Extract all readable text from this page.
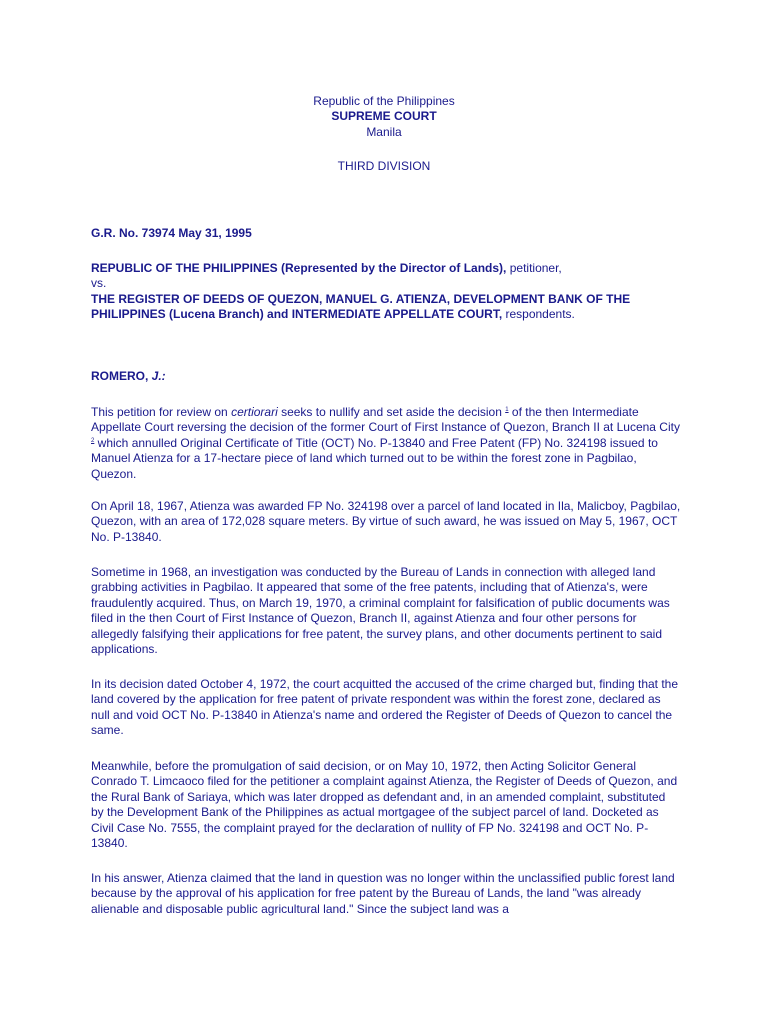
Republic of the Philippines
SUPREME COURT
Manila
THIRD DIVISION
G.R. No. 73974 May 31, 1995
REPUBLIC OF THE PHILIPPINES (Represented by the Director of Lands), petitioner,
vs.
THE REGISTER OF DEEDS OF QUEZON, MANUEL G. ATIENZA, DEVELOPMENT BANK OF THE PHILIPPINES (Lucena Branch) and INTERMEDIATE APPELLATE COURT, respondents.
ROMERO, J.:

This petition for review on certiorari seeks to nullify and set aside the decision $^1$ of the then Intermediate Appellate Court reversing the decision of the former Court of First Instance of Quezon, Branch II at Lucena City $^2$ which annulled Original Certificate of Title (OCT) No. P-13840 and Free Patent (FP) No. 324198 issued to Manuel Atienza for a 17-hectare piece of land which turned out to be within the forest zone in Pagbilao, Quezon.

On April 18, 1967, Atienza was awarded FP No. 324198 over a parcel of land located in Ila, Malicboy, Pagbilao, Quezon, with an area of 172,028 square meters. By virtue of such award, he was issued on May 5, 1967, OCT No. P-13840.

Sometime in 1968, an investigation was conducted by the Bureau of Lands in connection with alleged land grabbing activities in Pagbilao. It appeared that some of the free patents, including that of Atienza's, were fraudulently acquired. Thus, on March 19, 1970, a criminal complaint for falsification of public documents was filed in the then Court of First Instance of Quezon, Branch II, against Atienza and four other persons for allegedly falsifying their applications for free patent, the survey plans, and other documents pertinent to said applications.

In its decision dated October 4, 1972, the court acquitted the accused of the crime charged but, finding that the land covered by the application for free patent of private respondent was within the forest zone, declared as null and void OCT No. P-13840 in Atienza's name and ordered the Register of Deeds of Quezon to cancel the same.

Meanwhile, before the promulgation of said decision, or on May 10, 1972, then Acting Solicitor General Conrado T. Limcaoco filed for the petitioner a complaint against Atienza, the Register of Deeds of Quezon, and the Rural Bank of Sariaya, which was later dropped as defendant and, in an amended complaint, substituted by the Development Bank of the Philippines as actual mortgagee of the subject parcel of land. Docketed as Civil Case No. 7555, the complaint prayed for the declaration of nullity of FP No. 324198 and OCT No. P-13840.

In his answer, Atienza claimed that the land in question was no longer within the unclassified public forest land because by the approval of his application for free patent by the Bureau of Lands, the land "was already alienable and disposable public agricultural land." Since the subject land was a
